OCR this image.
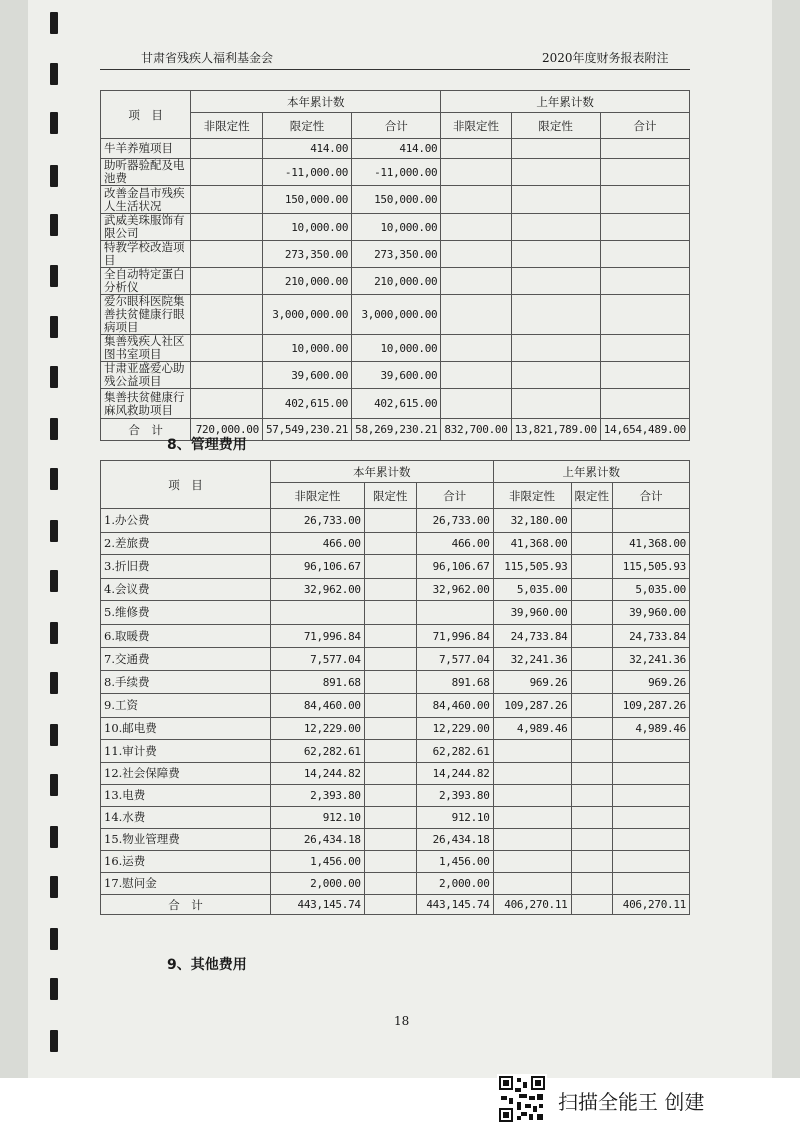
甘肃省残疾人福利基金会	2020年度财务报表附注
项　目	本年累计数			上年累计数		
	非限定性	限定性	合计	非限定性	限定性	合计
牛羊养殖项目		414.00	414.00			
助听器验配及电池费		-11,000.00	-11,000.00			
改善金昌市残疾人生活状况		150,000.00	150,000.00			
武威美珠服饰有限公司		10,000.00	10,000.00			
特教学校改造项目		273,350.00	273,350.00			
全自动特定蛋白分析仪		210,000.00	210,000.00			
爱尔眼科医院集善扶贫健康行眼病项目		3,000,000.00	3,000,000.00			
集善残疾人社区图书室项目		10,000.00	10,000.00			
甘肃亚盛爱心助残公益项目		39,600.00	39,600.00			
集善扶贫健康行麻风救助项目		402,615.00	402,615.00			
合　计	720,000.00	57,549,230.21	58,269,230.21	832,700.00	13,821,789.00	14,654,489.00
8、管理费用
项　目	本年累计数			上年累计数		
	非限定性	限定性	合计	非限定性	限定性	合计
1.办公费	26,733.00		26,733.00	32,180.00		
2.差旅费	466.00		466.00	41,368.00		41,368.00
3.折旧费	96,106.67		96,106.67	115,505.93		115,505.93
4.会议费	32,962.00		32,962.00	5,035.00		5,035.00
5.维修费				39,960.00		39,960.00
6.取暖费	71,996.84		71,996.84	24,733.84		24,733.84
7.交通费	7,577.04		7,577.04	32,241.36		32,241.36
8.手续费	891.68		891.68	969.26		969.26
9.工资	84,460.00		84,460.00	109,287.26		109,287.26
10.邮电费	12,229.00		12,229.00	4,989.46		4,989.46
11.审计费	62,282.61		62,282.61			
12.社会保障费	14,244.82		14,244.82			
13.电费	2,393.80		2,393.80			
14.水费	912.10		912.10			
15.物业管理费	26,434.18		26,434.18			
16.运费	1,456.00		1,456.00			
17.慰问金	2,000.00		2,000.00			
合　计	443,145.74		443,145.74	406,270.11		406,270.11
9、其他费用
18
扫描全能王 创建
